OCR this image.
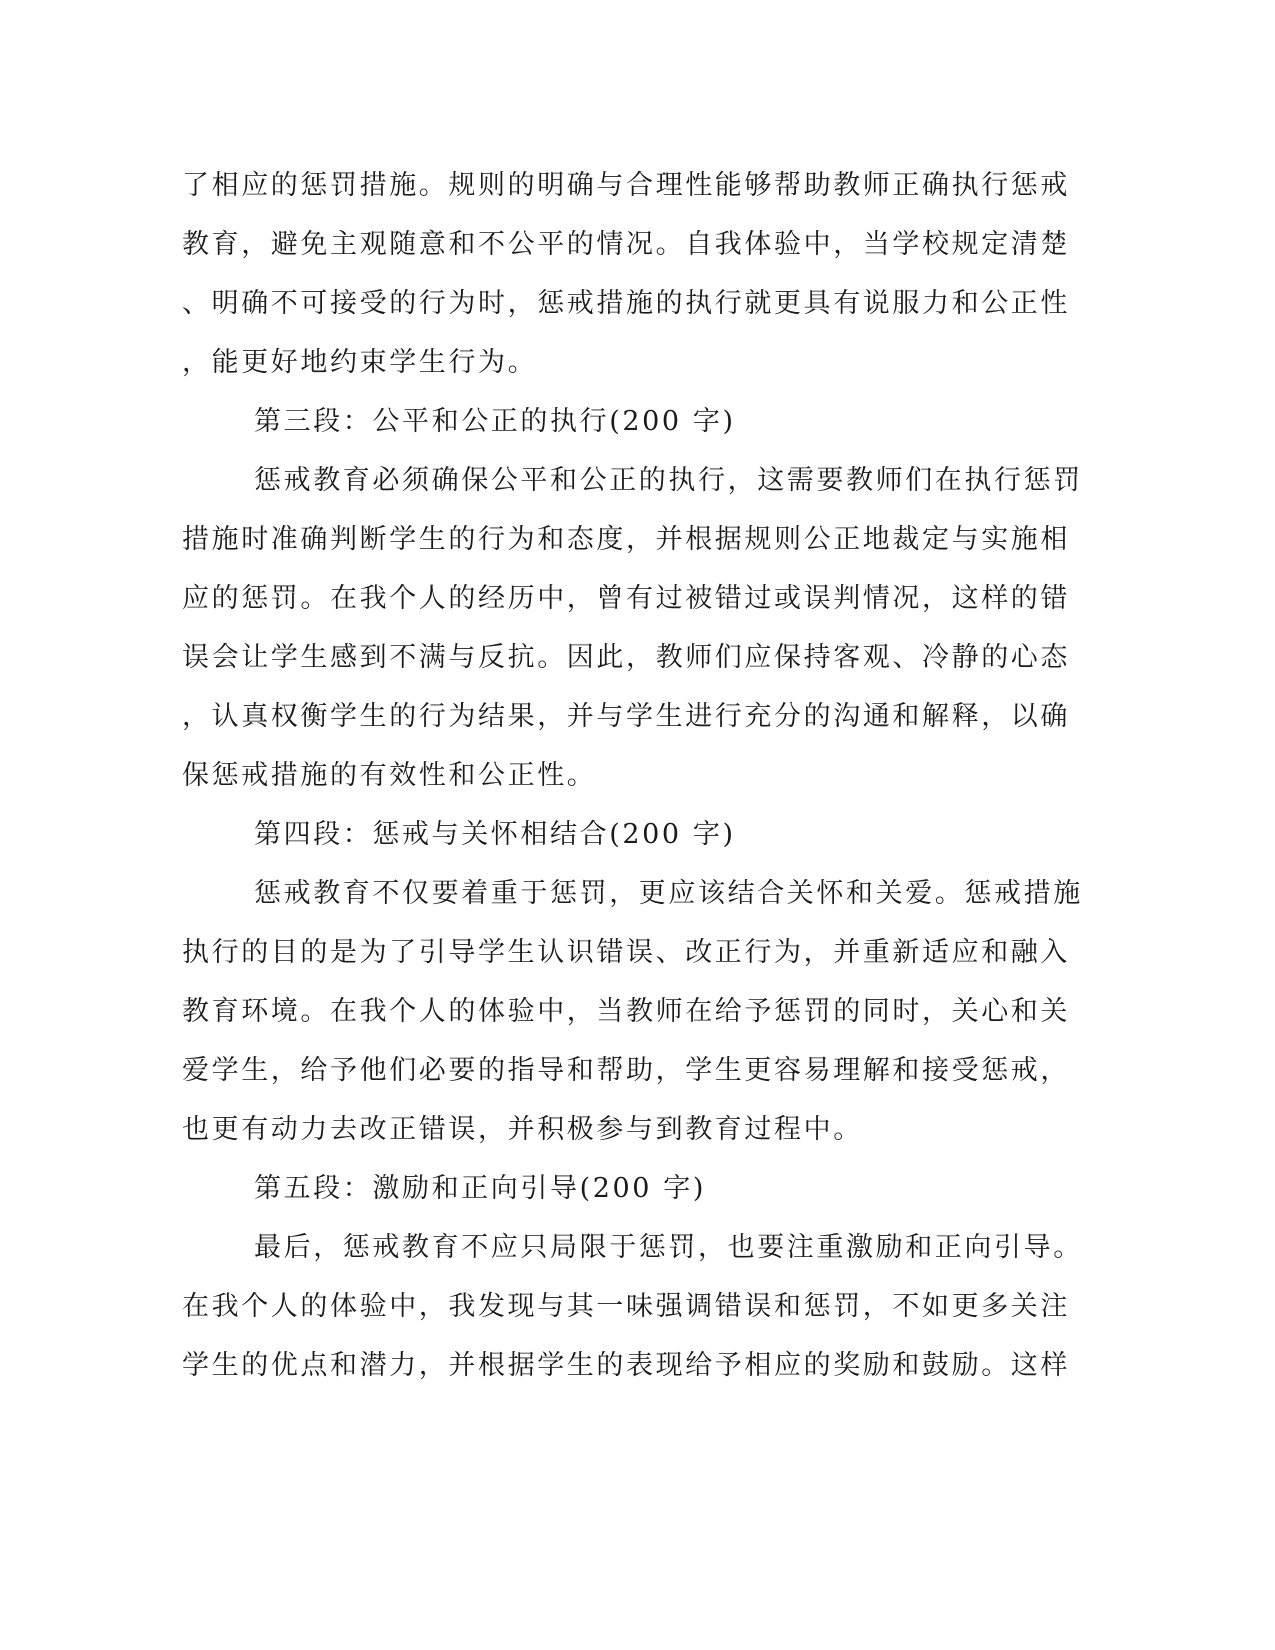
了相应的惩罚措施。规则的明确与合理性能够帮助教师正确执行惩戒
教育，避免主观随意和不公平的情况。自我体验中，当学校规定清楚
、明确不可接受的行为时，惩戒措施的执行就更具有说服力和公正性
，能更好地约束学生行为。
第三段：公平和公正的执行(200 字)
惩戒教育必须确保公平和公正的执行，这需要教师们在执行惩罚
措施时准确判断学生的行为和态度，并根据规则公正地裁定与实施相
应的惩罚。在我个人的经历中，曾有过被错过或误判情况，这样的错
误会让学生感到不满与反抗。因此，教师们应保持客观、冷静的心态
，认真权衡学生的行为结果，并与学生进行充分的沟通和解释，以确
保惩戒措施的有效性和公正性。
第四段：惩戒与关怀相结合(200 字)
惩戒教育不仅要着重于惩罚，更应该结合关怀和关爱。惩戒措施
执行的目的是为了引导学生认识错误、改正行为，并重新适应和融入
教育环境。在我个人的体验中，当教师在给予惩罚的同时，关心和关
爱学生，给予他们必要的指导和帮助，学生更容易理解和接受惩戒，
也更有动力去改正错误，并积极参与到教育过程中。
第五段：激励和正向引导(200 字)
最后，惩戒教育不应只局限于惩罚，也要注重激励和正向引导。
在我个人的体验中，我发现与其一味强调错误和惩罚，不如更多关注
学生的优点和潜力，并根据学生的表现给予相应的奖励和鼓励。这样
